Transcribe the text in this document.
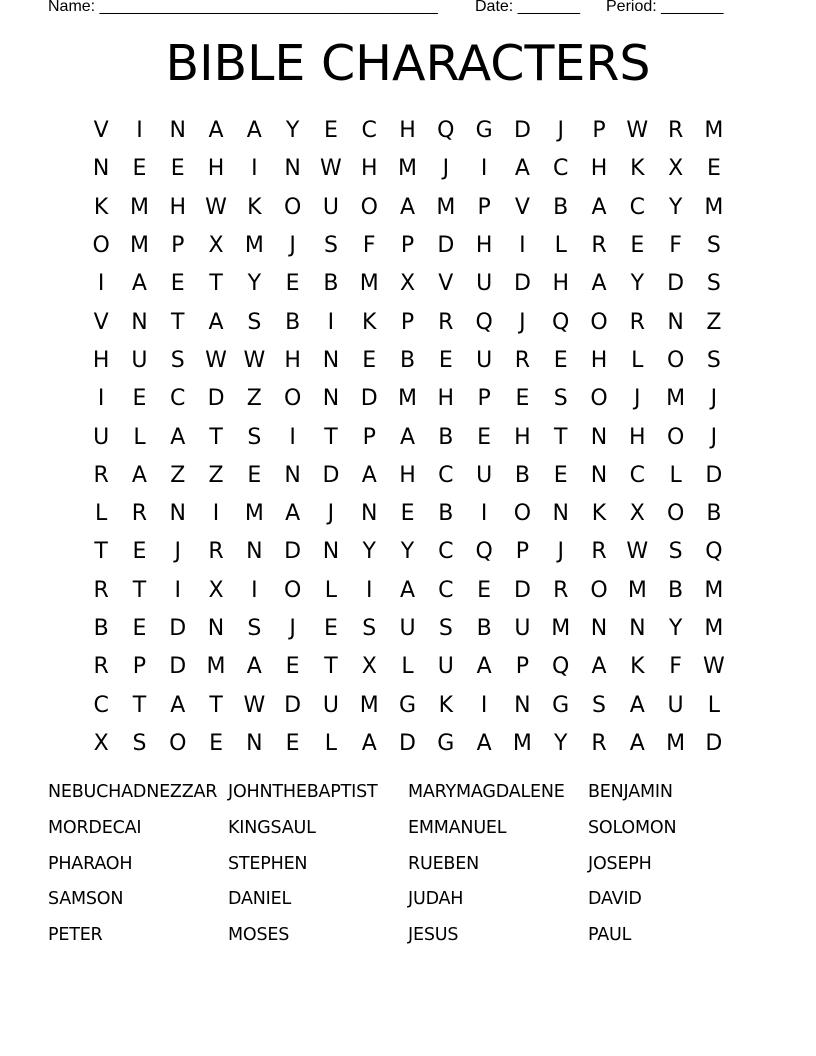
Name: ______________________________________ Date: _______ Period: _______
BIBLE CHARACTERS
V	I	N	A	A	Y	E	C	H Q G D	J	P W R M
N	E	E	H	I	N W H M	J	I	A	C	H	K	X	E
K M H W K	O U O	A M	P	V	B	A	C	Y	M
O M	P	X M	J	S	F	P	D H	I	L	R	E	F	S
I	A	E	T	Y	E	B M X	V	U D H	A	Y	D	S
V	N	T	A	S	B	I	K	P	R Q	J	Q O R	N	Z
H U	S W W H N	E	B	E	U	R	E	H	L	O	S
I	E	C	D	Z	O N D M H	P	E	S	O	J	M	J
U	L	A	T	S	I	T	P	A	B	E	H	T	N H O	J
R	A	Z	Z	E	N D	A	H	C	U	B	E	N	C	L	D
L	R	N	I	M A	J	N	E	B	I	O N	K	X	O	B
T	E	J	R	N D N	Y	Y	C Q	P	J	R W S	Q
R	T	I	X	I	O	L	I	A	C	E	D	R O M B M
B	E	D N	S	J	E	S	U	S	B	U M N N	Y	M
R	P	D M A	E	T	X	L	U	A	P	Q	A	K	F W
C	T	A	T W D U M G	K	I	N G	S	A	U	L
X	S	O	E	N	E	L	A	D G	A M	Y	R	A M D
NEBUCHADNEZZAR JOHNTHEBAPTIST	MARYMAGDALENE	BENJAMIN
MORDECAI	KINGSAUL	EMMANUEL	SOLOMON
PHARAOH	STEPHEN	RUEBEN	JOSEPH
SAMSON	DANIEL	JUDAH	DAVID
PETER	MOSES	JESUS	PAUL
